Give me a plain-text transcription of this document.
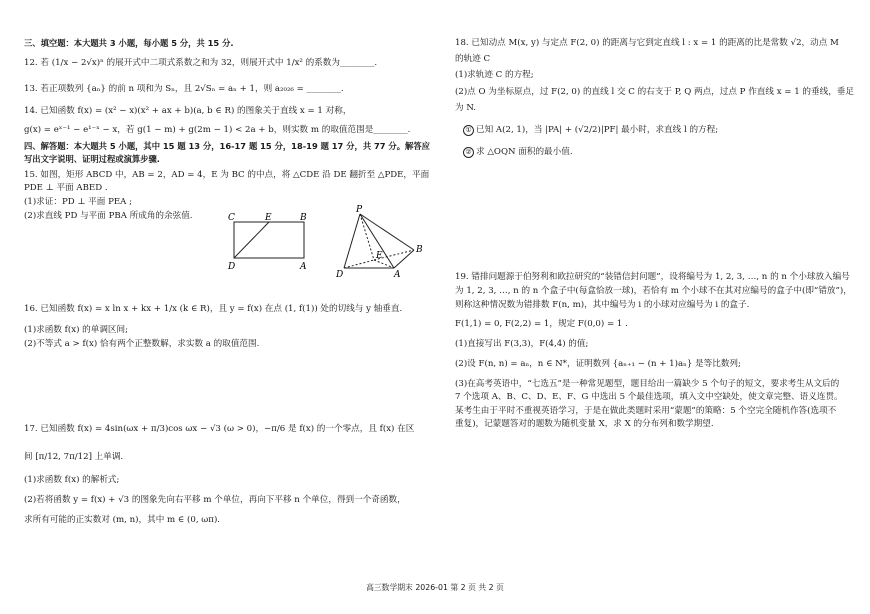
三、填空题：本大题共 3 小题，每小题 5 分，共 15 分.
12. 若 (1/x − 2√x)ⁿ 的展开式中二项式系数之和为 32，则展开式中 1/x² 的系数为________.
13. 若正项数列 {aₙ} 的前 n 项和为 Sₙ，且 2√Sₙ = aₙ + 1，则 a₂₀₂₆ = ________.
14. 已知函数 f(x) = (x² − x)(x² + ax + b)(a, b ∈ R) 的图象关于直线 x = 1 对称，
g(x) = eˣ⁻¹ − e¹⁻ˣ − x，若 g(1 − m) + g(2m − 1) < 2a + b，则实数 m 的取值范围是________.
四、解答题：本大题共 5 小题，其中 15 题 13 分，16-17 题 15 分，18-19 题 17 分，共 77 分。解答应
写出文字说明、证明过程或演算步骤.
15. 如图，矩形 ABCD 中，AB = 2，AD = 4，E 为 BC 的中点，将 △CDE 沿 DE 翻折至 △PDE，平面
PDE ⊥ 平面 ABED .
(1)求证：PD ⊥ 平面 PEA ;
(2)求直线 PD 与平面 PBA 所成角的余弦值.	C	E	B
D	A
P
B
E
D	A
16. 已知函数 f(x) = x ln x + kx + 1/x (k ∈ R)，且 y = f(x) 在点 (1, f(1)) 处的切线与 y 轴垂直.
(1)求函数 f(x) 的单调区间;
(2)不等式 a > f(x) 恰有两个正整数解，求实数 a 的取值范围.
17. 已知函数 f(x) = 4sin(ωx + π/3)cos ωx − √3 (ω > 0)，−π/6 是 f(x) 的一个零点，且 f(x) 在区
间 [π/12, 7π/12] 上单调.
(1)求函数 f(x) 的解析式;
(2)若将函数 y = f(x) + √3 的图象先向右平移 m 个单位，再向下平移 n 个单位，得到一个奇函数，
求所有可能的正实数对 (m, n)，其中 m ∈ (0, ωπ).
18. 已知动点 M(x, y) 与定点 F(2, 0) 的距离与它到定直线 l : x = 1 的距离的比是常数 √2，动点 M
的轨迹 C
(1)求轨迹 C 的方程;
(2)点 O 为坐标原点，过 F(2, 0) 的直线 l 交 C 的右支于 P, Q 两点，过点 P 作直线 x = 1 的垂线，垂足
为 N.
① 已知 A(2, 1)，当 |PA| + (√2/2)|PF| 最小时，求直线 l 的方程;
② 求 △OQN 面积的最小值.
19. 错排问题源于伯努利和欧拉研究的“装错信封问题”，设将编号为 1, 2, 3, …, n 的 n 个小球放入编号
为 1, 2, 3, …, n 的 n 个盒子中(每盒恰放一球)，若恰有 m 个小球不在其对应编号的盒子中(即“错放”)，
则称这种情况数为错排数 F(n, m)，其中编号为 i 的小球对应编号为 i 的盒子.
F(1,1) = 0, F(2,2) = 1，规定 F(0,0) = 1 .
(1)直接写出 F(3,3)，F(4,4) 的值;
(2)设 F(n, n) = aₙ，n ∈ N*，证明数列 {aₙ₊₁ − (n + 1)aₙ} 是等比数列;
(3)在高考英语中，“七选五”是一种常见题型，题目给出一篇缺少 5 个句子的短文，要求考生从文后的 7 个选项 A、B、C、D、E、F、G 中选出 5 个最佳选项，填入文中空缺处，使文章完整、语义连贯。某考生由于平时不重视英语学习，于是在做此类题时采用“蒙题”的策略：5 个空完全随机作答(选项不重复)，记蒙题答对的题数为随机变量 X，求 X 的分布列和数学期望.
高三数学期末 2026-01 第 2 页 共 2 页
